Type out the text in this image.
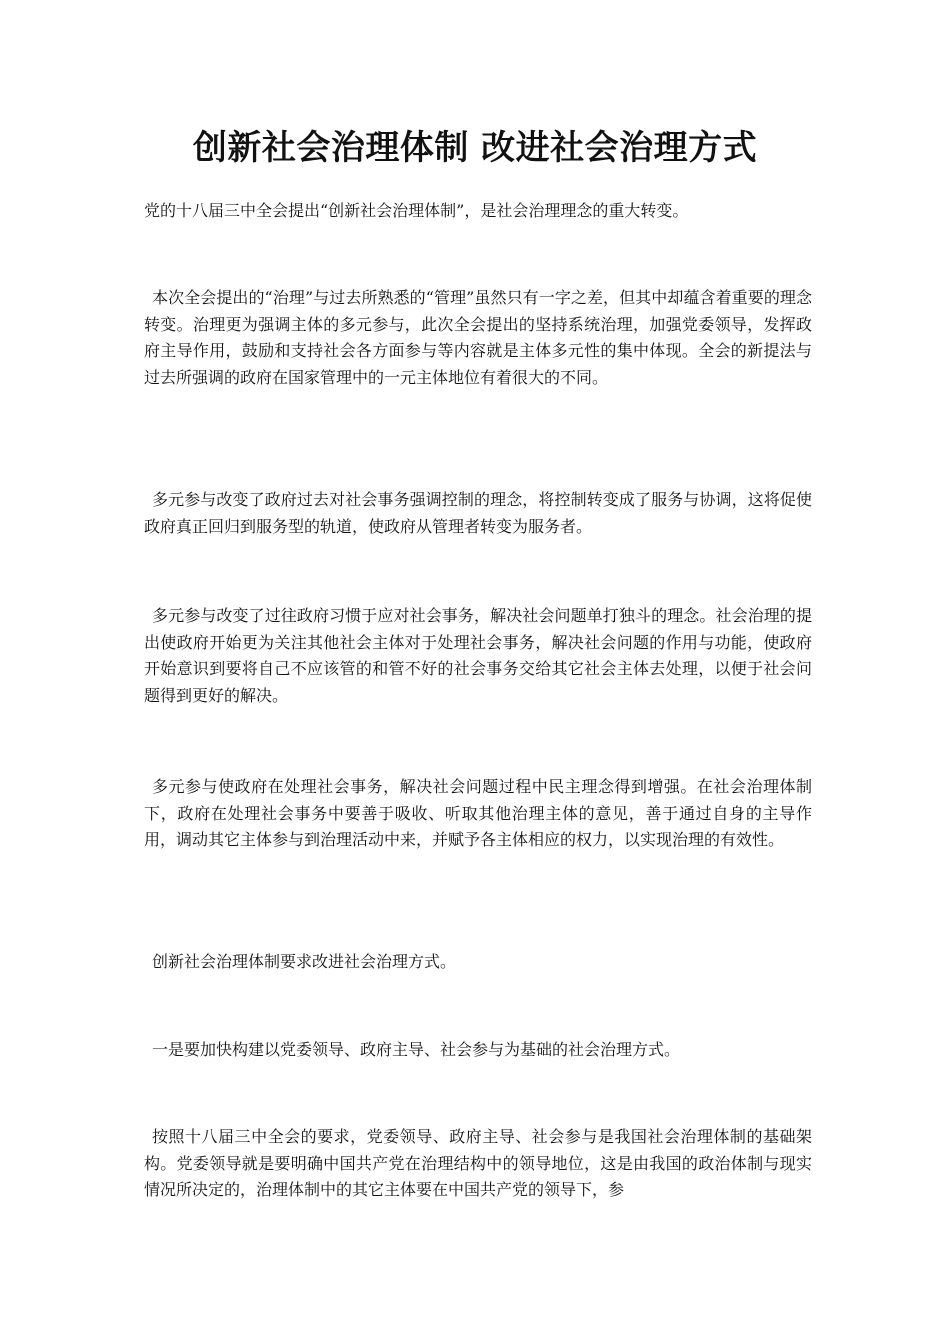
创新社会治理体制 改进社会治理方式

党的十八届三中全会提出“创新社会治理体制”，是社会治理理念的重大转变。

本次全会提出的“治理”与过去所熟悉的“管理”虽然只有一字之差，但其中却蕴含着重要的理念转变。治理更为强调主体的多元参与，此次全会提出的坚持系统治理，加强党委领导，发挥政府主导作用，鼓励和支持社会各方面参与等内容就是主体多元性的集中体现。全会的新提法与过去所强调的政府在国家管理中的一元主体地位有着很大的不同。

多元参与改变了政府过去对社会事务强调控制的理念，将控制转变成了服务与协调，这将促使政府真正回归到服务型的轨道，使政府从管理者转变为服务者。

多元参与改变了过往政府习惯于应对社会事务，解决社会问题单打独斗的理念。社会治理的提出使政府开始更为关注其他社会主体对于处理社会事务，解决社会问题的作用与功能，使政府开始意识到要将自己不应该管的和管不好的社会事务交给其它社会主体去处理，以便于社会问题得到更好的解决。

多元参与使政府在处理社会事务，解决社会问题过程中民主理念得到增强。在社会治理体制下，政府在处理社会事务中要善于吸收、听取其他治理主体的意见，善于通过自身的主导作用，调动其它主体参与到治理活动中来，并赋予各主体相应的权力，以实现治理的有效性。

创新社会治理体制要求改进社会治理方式。

一是要加快构建以党委领导、政府主导、社会参与为基础的社会治理方式。

按照十八届三中全会的要求，党委领导、政府主导、社会参与是我国社会治理体制的基础架构。党委领导就是要明确中国共产党在治理结构中的领导地位，这是由我国的政治体制与现实情况所决定的，治理体制中的其它主体要在中国共产党的领导下，参
